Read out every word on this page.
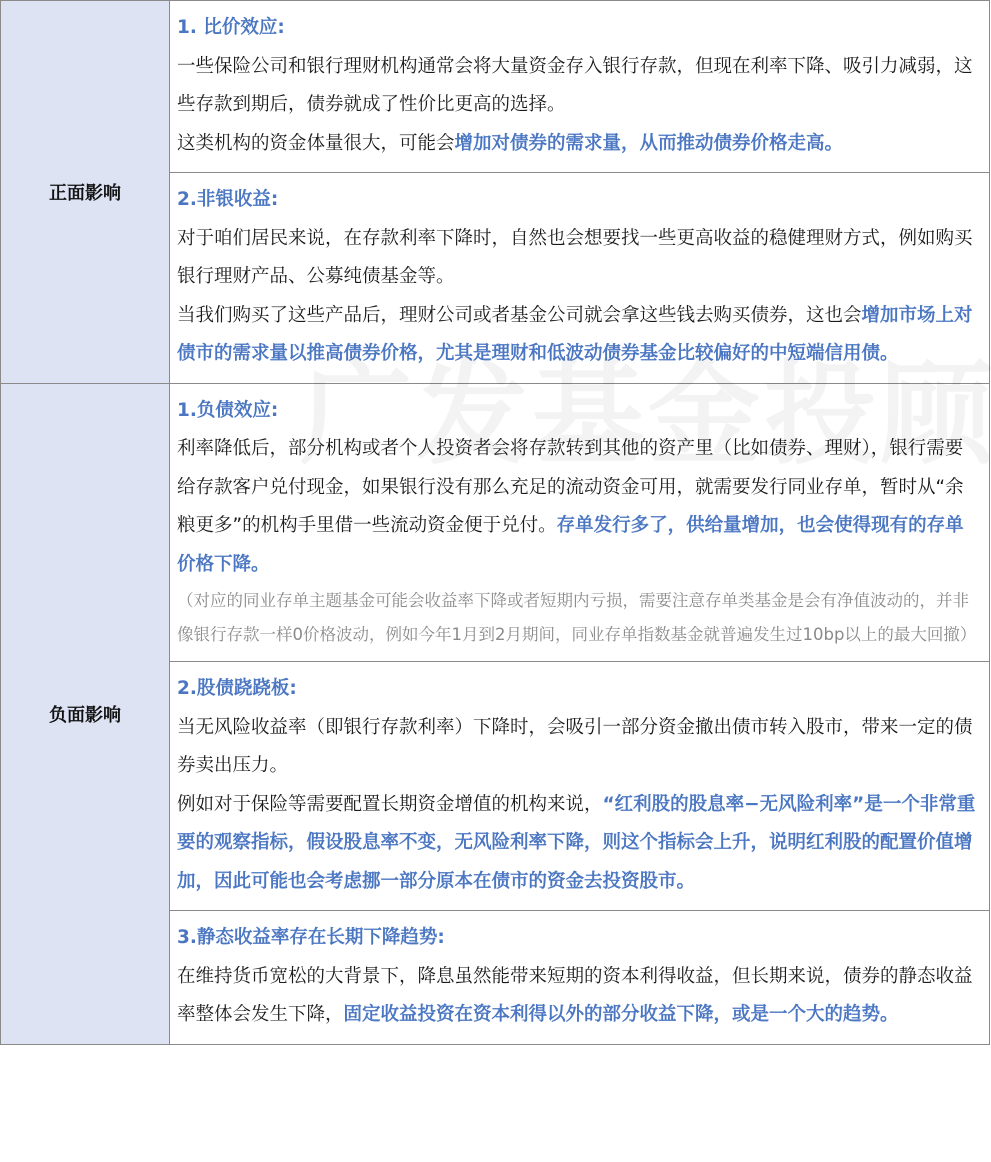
正面影响

1. 比价效应:

一些保险公司和银行理财机构通常会将大量资金存入银行存款，但现在利率下降、吸引力减弱，这些存款到期后，债券就成了性价比更高的选择。

这类机构的资金体量很大，可能会增加对债券的需求量，从而推动债券价格走高。

2.非银收益:

对于咱们居民来说，在存款利率下降时，自然也会想要找一些更高收益的稳健理财方式，例如购买银行理财产品、公募纯债基金等。

当我们购买了这些产品后，理财公司或者基金公司就会拿这些钱去购买债券，这也会增加市场上对债市的需求量以推高债券价格，尤其是理财和低波动债券基金比较偏好的中短端信用债。

负面影响

1.负债效应:

利率降低后，部分机构或者个人投资者会将存款转到其他的资产里（比如债券、理财），银行需要给存款客户兑付现金，如果银行没有那么充足的流动资金可用，就需要发行同业存单，暂时从“余粮更多”的机构手里借一些流动资金便于兑付。存单发行多了，供给量增加，也会使得现有的存单价格下降。

（对应的同业存单主题基金可能会收益率下降或者短期内亏损，需要注意存单类基金是会有净值波动的，并非像银行存款一样0价格波动，例如今年1月到2月期间，同业存单指数基金就普遍发生过10bp以上的最大回撤）

2.股债跷跷板:

当无风险收益率（即银行存款利率）下降时，会吸引一部分资金撤出债市转入股市，带来一定的债券卖出压力。

例如对于保险等需要配置长期资金增值的机构来说，“红利股的股息率−无风险利率”是一个非常重要的观察指标，假设股息率不变，无风险利率下降，则这个指标会上升，说明红利股的配置价值增加，因此可能也会考虑挪一部分原本在债市的资金去投资股市。

3.静态收益率存在长期下降趋势:

在维持货币宽松的大背景下，降息虽然能带来短期的资本利得收益，但长期来说，债券的静态收益率整体会发生下降，固定收益投资在资本利得以外的部分收益下降，或是一个大的趋势。
